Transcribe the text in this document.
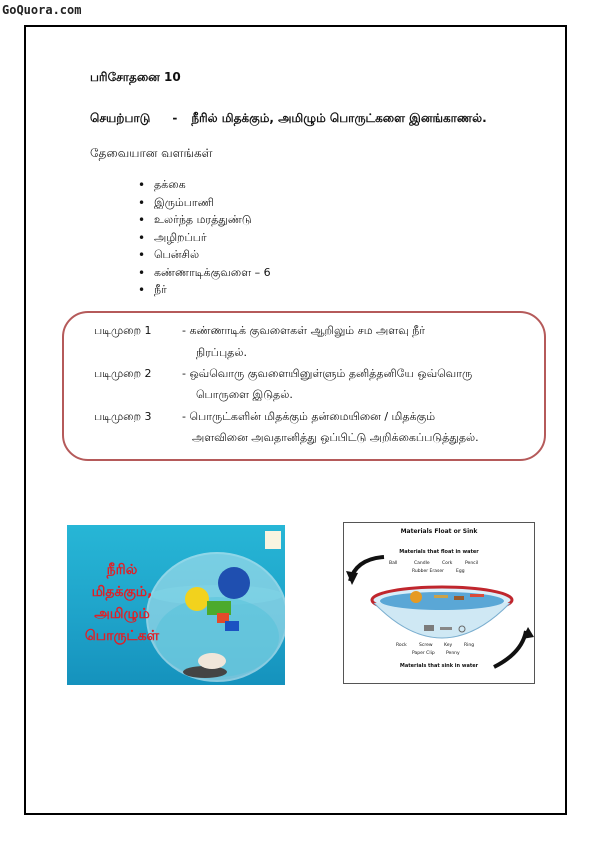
GoQuora.com
பரிசோதனை 10
செயற்பாடு - நீரில் மிதக்கும், அமிழும் பொருட்களை இனங்காணல்.
தேவையான வளங்கள்
• தக்கை
• இரும்பாணி
• உலர்ந்த மரத்துண்டு
• அழிறப்பர்
• பென்சில்
• கண்ணாடிக்குவளை – 6
• நீர்
படிமுறை 1	- கண்ணாடிக் குவளைகள் ஆறிலும் சம அளவு நீர்
நிரப்புதல்.
படிமுறை 2	- ஒவ்வொரு குவளையினுள்ளும் தனித்தனியே ஒவ்வொரு
பொருளை இடுதல்.
படிமுறை 3	- பொருட்களின் மிதக்கும் தன்மையினை / மிதக்கும்
அளவினை அவதானித்து ஒப்பிட்டு அறிக்கைப்படுத்துதல்.
நீரில்
மிதக்கும்,
அமிழும்
பொருட்கள்
Materials Float or Sink
Materials that float in water
Ball	Candle	Cork	Pencil
Rubber Eraser	Egg
Rock	Screw	Key	Ring
Paper Clip	Penny
Materials that sink in water
